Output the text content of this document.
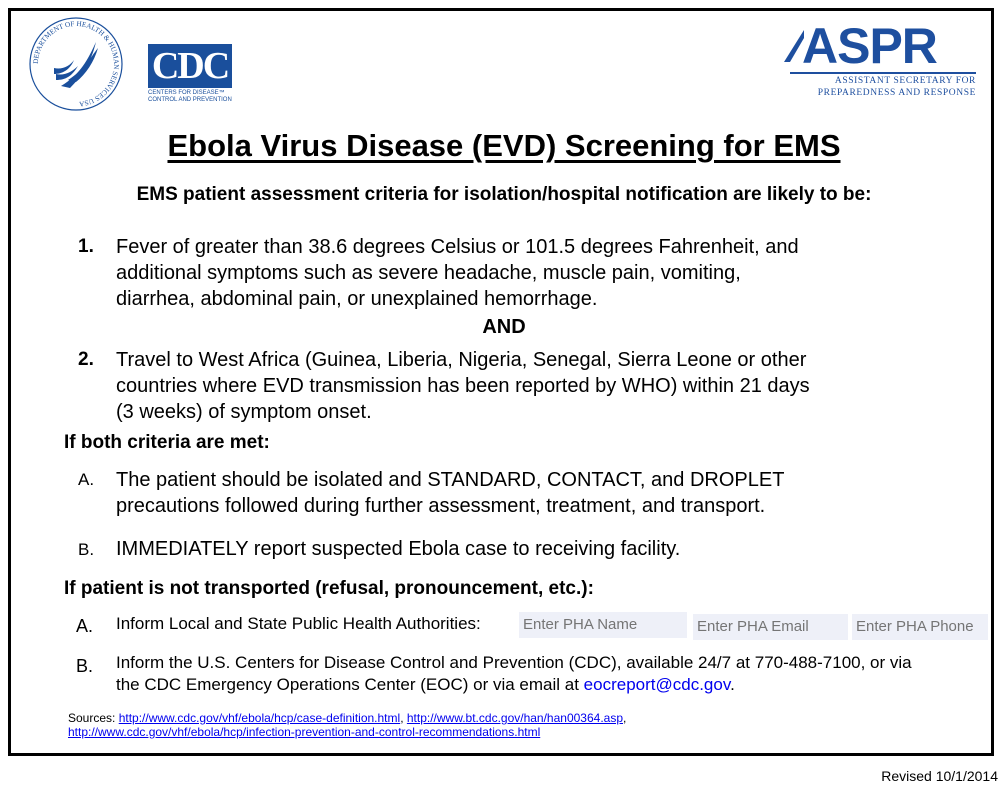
DEPARTMENT OF HEALTH & HUMAN SERVICES USA
CDC
CENTERS FOR DISEASE™
CONTROL AND PREVENTION
ASPR
ASSISTANT SECRETARY FOR
PREPAREDNESS AND RESPONSE
Ebola Virus Disease (EVD) Screening for EMS
EMS patient assessment criteria for isolation/hospital notification are likely to be:
1. Fever of greater than 38.6 degrees Celsius or 101.5 degrees Fahrenheit, and
additional symptoms such as severe headache, muscle pain, vomiting,
diarrhea, abdominal pain, or unexplained hemorrhage.
AND
2. Travel to West Africa (Guinea, Liberia, Nigeria, Senegal, Sierra Leone or other
countries where EVD transmission has been reported by WHO) within 21 days
(3 weeks) of symptom onset.
If both criteria are met:
A. The patient should be isolated and STANDARD, CONTACT, and DROPLET
precautions followed during further assessment, treatment, and transport.
B. IMMEDIATELY report suspected Ebola case to receiving facility.
If patient is not transported (refusal, pronouncement, etc.):
A. Inform Local and State Public Health Authorities:
Enter PHA Name
Enter PHA Email
Enter PHA Phone
B. Inform the U.S. Centers for Disease Control and Prevention (CDC), available 24/7 at 770-488-7100, or via
the CDC Emergency Operations Center (EOC) or via email at eocreport@cdc.gov.
Sources: http://www.cdc.gov/vhf/ebola/hcp/case-definition.html, http://www.bt.cdc.gov/han/han00364.asp,
http://www.cdc.gov/vhf/ebola/hcp/infection-prevention-and-control-recommendations.html
Revised 10/1/2014
